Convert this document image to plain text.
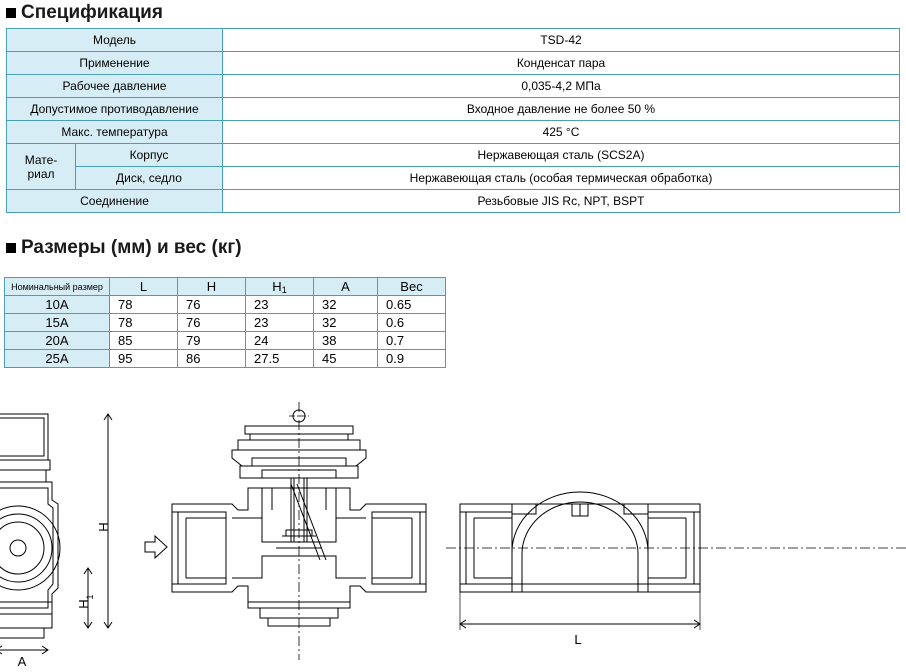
Спецификация
Модель		TSD-42
Применение		Конденсат пара
Рабочее давление		0,035-4,2 МПа
Допустимое противодавление		Входное давление не более 50 %
Макс. температура		425 °C
Мате-
риал	Корпус	Нержавеющая сталь (SCS2A)
	Диск, седло	Нержавеющая сталь (особая термическая обработка)
Соединение		Резьбовые JIS Rc, NPT, BSPT
Размеры (мм) и вес (кг)
Номинальный размер	L	H	$H_1$	A	Вес
10A	78	76	23	32	0.65
15A	78	76	23	32	0.6
20A	85	79	24	38	0.7
25A	95	86	27.5	45	0.9
H
H
1
A
L
